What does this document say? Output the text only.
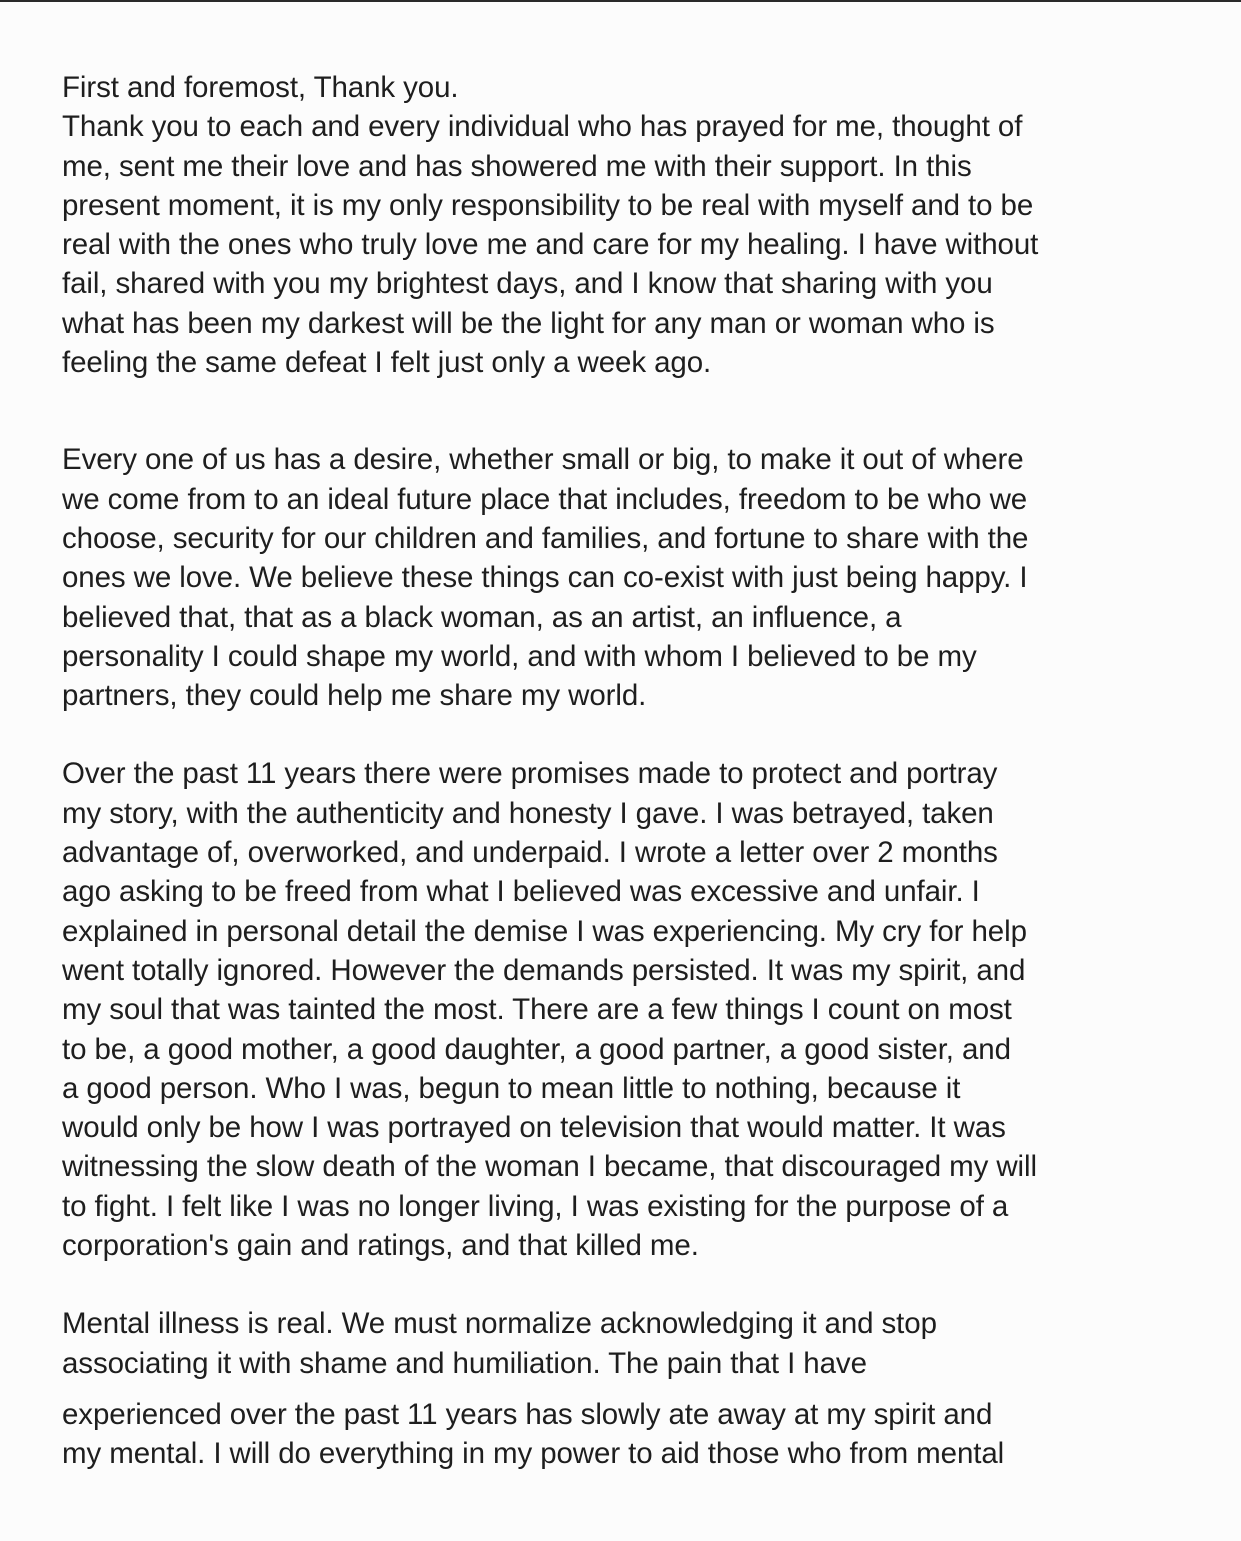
First and foremost, Thank you.
Thank you to each and every individual who has prayed for me, thought of
me, sent me their love and has showered me with their support. In this
present moment, it is my only responsibility to be real with myself and to be
real with the ones who truly love me and care for my healing. I have without
fail, shared with you my brightest days, and I know that sharing with you
what has been my darkest will be the light for any man or woman who is
feeling the same defeat I felt just only a week ago.

Every one of us has a desire, whether small or big, to make it out of where
we come from to an ideal future place that includes, freedom to be who we
choose, security for our children and families, and fortune to share with the
ones we love. We believe these things can co-exist with just being happy. I
believed that, that as a black woman, as an artist, an influence, a
personality I could shape my world, and with whom I believed to be my
partners, they could help me share my world.

Over the past 11 years there were promises made to protect and portray
my story, with the authenticity and honesty I gave. I was betrayed, taken
advantage of, overworked, and underpaid. I wrote a letter over 2 months
ago asking to be freed from what I believed was excessive and unfair. I
explained in personal detail the demise I was experiencing. My cry for help
went totally ignored. However the demands persisted. It was my spirit, and
my soul that was tainted the most. There are a few things I count on most
to be, a good mother, a good daughter, a good partner, a good sister, and
a good person. Who I was, begun to mean little to nothing, because it
would only be how I was portrayed on television that would matter. It was
witnessing the slow death of the woman I became, that discouraged my will
to fight. I felt like I was no longer living, I was existing for the purpose of a
corporation's gain and ratings, and that killed me.

Mental illness is real. We must normalize acknowledging it and stop
associating it with shame and humiliation. The pain that I have

experienced over the past 11 years has slowly ate away at my spirit and
my mental. I will do everything in my power to aid those who from mental
